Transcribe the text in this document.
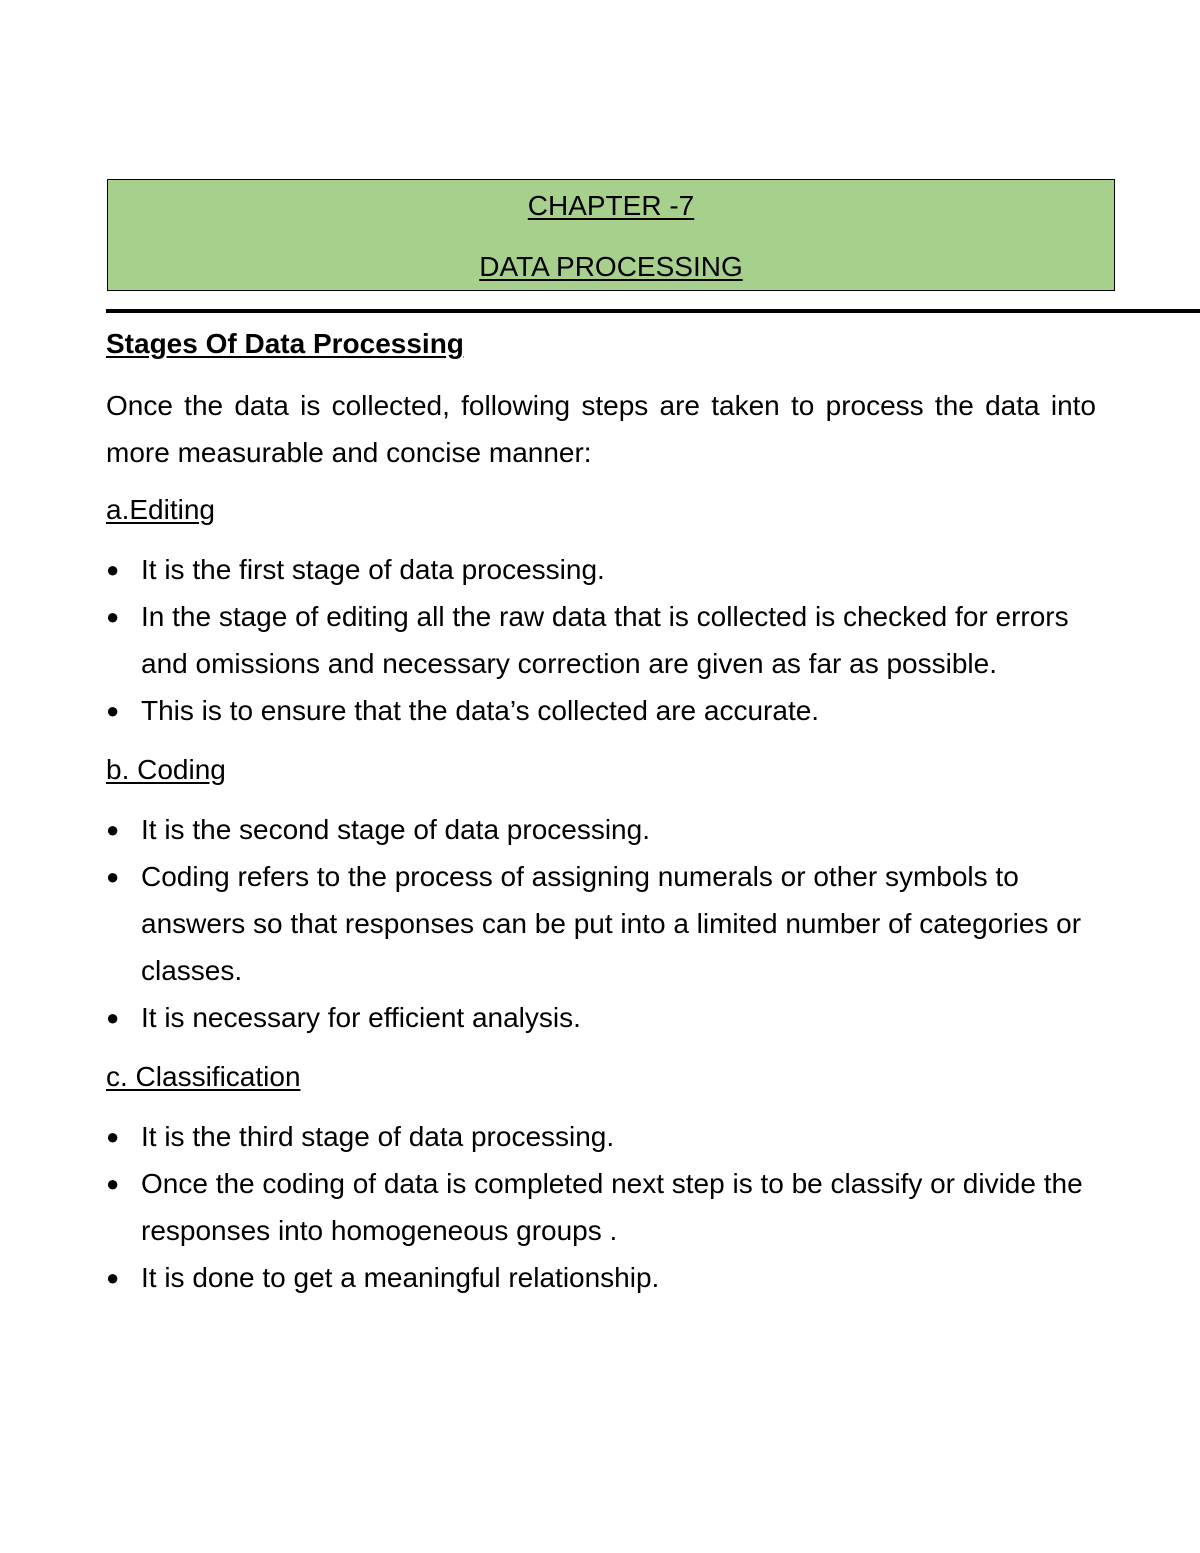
CHAPTER -7
DATA PROCESSING
Stages Of Data Processing

Once the data is collected, following steps are taken to process the data into more measurable and concise manner:

a.Editing
● It is the first stage of data processing.
● In the stage of editing all the raw data that is collected is checked for errors and omissions and necessary correction are given as far as possible.
● This is to ensure that the data’s collected are accurate.
b. Coding
● It is the second stage of data processing.
● Coding refers to the process of assigning numerals or other symbols to answers so that responses can be put into a limited number of categories or classes.
● It is necessary for efficient analysis.
c. Classification
● It is the third stage of data processing.
● Once the coding of data is completed next step is to be classify or divide the responses into homogeneous groups .
● It is done to get a meaningful relationship.
